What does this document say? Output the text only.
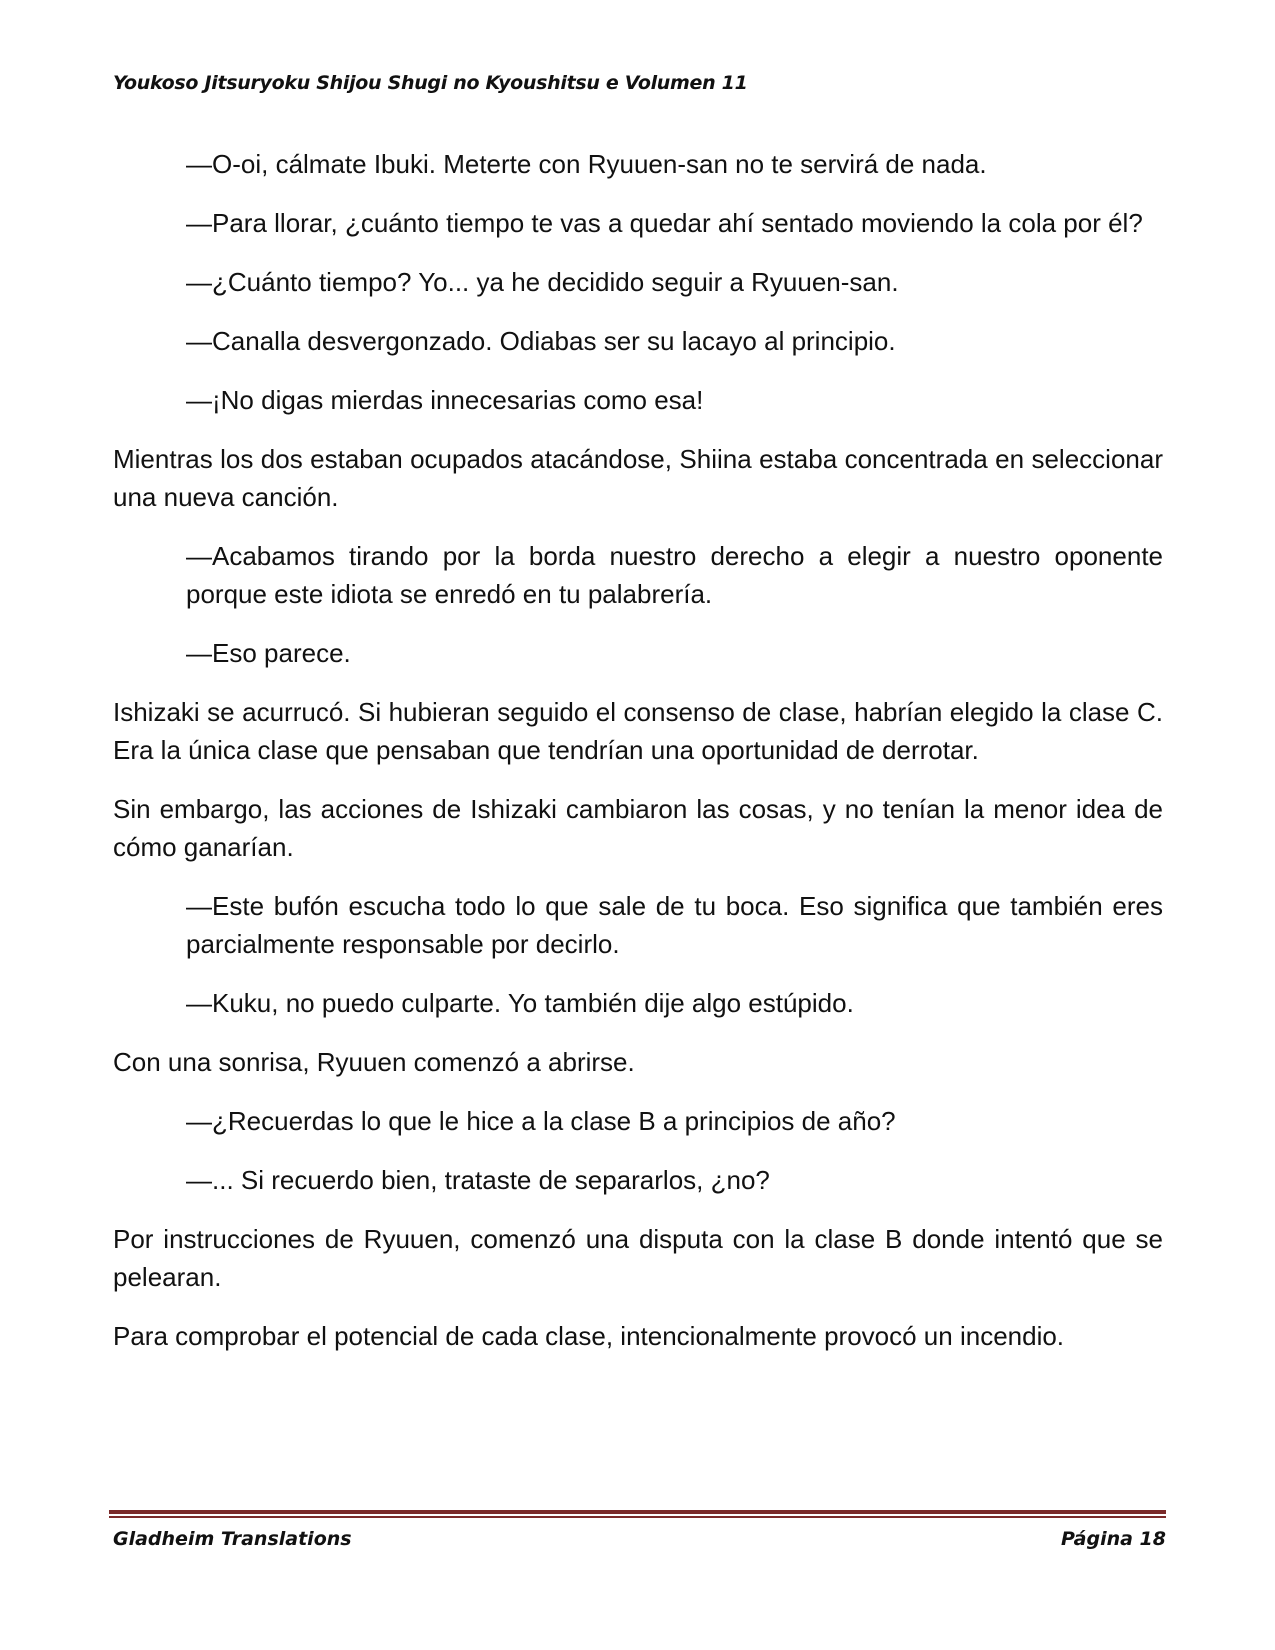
Youkoso Jitsuryoku Shijou Shugi no Kyoushitsu e Volumen 11

—O-oi, cálmate Ibuki. Meterte con Ryuuen-san no te servirá de nada.

—Para llorar, ¿cuánto tiempo te vas a quedar ahí sentado moviendo la cola por él?

—¿Cuánto tiempo? Yo... ya he decidido seguir a Ryuuen-san.

—Canalla desvergonzado. Odiabas ser su lacayo al principio.

—¡No digas mierdas innecesarias como esa!

Mientras los dos estaban ocupados atacándose, Shiina estaba concentrada en seleccionar una nueva canción.

—Acabamos tirando por la borda nuestro derecho a elegir a nuestro oponente porque este idiota se enredó en tu palabrería.

—Eso parece.

Ishizaki se acurrucó. Si hubieran seguido el consenso de clase, habrían elegido la clase C. Era la única clase que pensaban que tendrían una oportunidad de derrotar.

Sin embargo, las acciones de Ishizaki cambiaron las cosas, y no tenían la menor idea de cómo ganarían.

—Este bufón escucha todo lo que sale de tu boca. Eso significa que también eres parcialmente responsable por decirlo.

—Kuku, no puedo culparte. Yo también dije algo estúpido.

Con una sonrisa, Ryuuen comenzó a abrirse.

—¿Recuerdas lo que le hice a la clase B a principios de año?

—... Si recuerdo bien, trataste de separarlos, ¿no?

Por instrucciones de Ryuuen, comenzó una disputa con la clase B donde intentó que se pelearan.

Para comprobar el potencial de cada clase, intencionalmente provocó un incendio.

Gladheim Translations	Página 18
